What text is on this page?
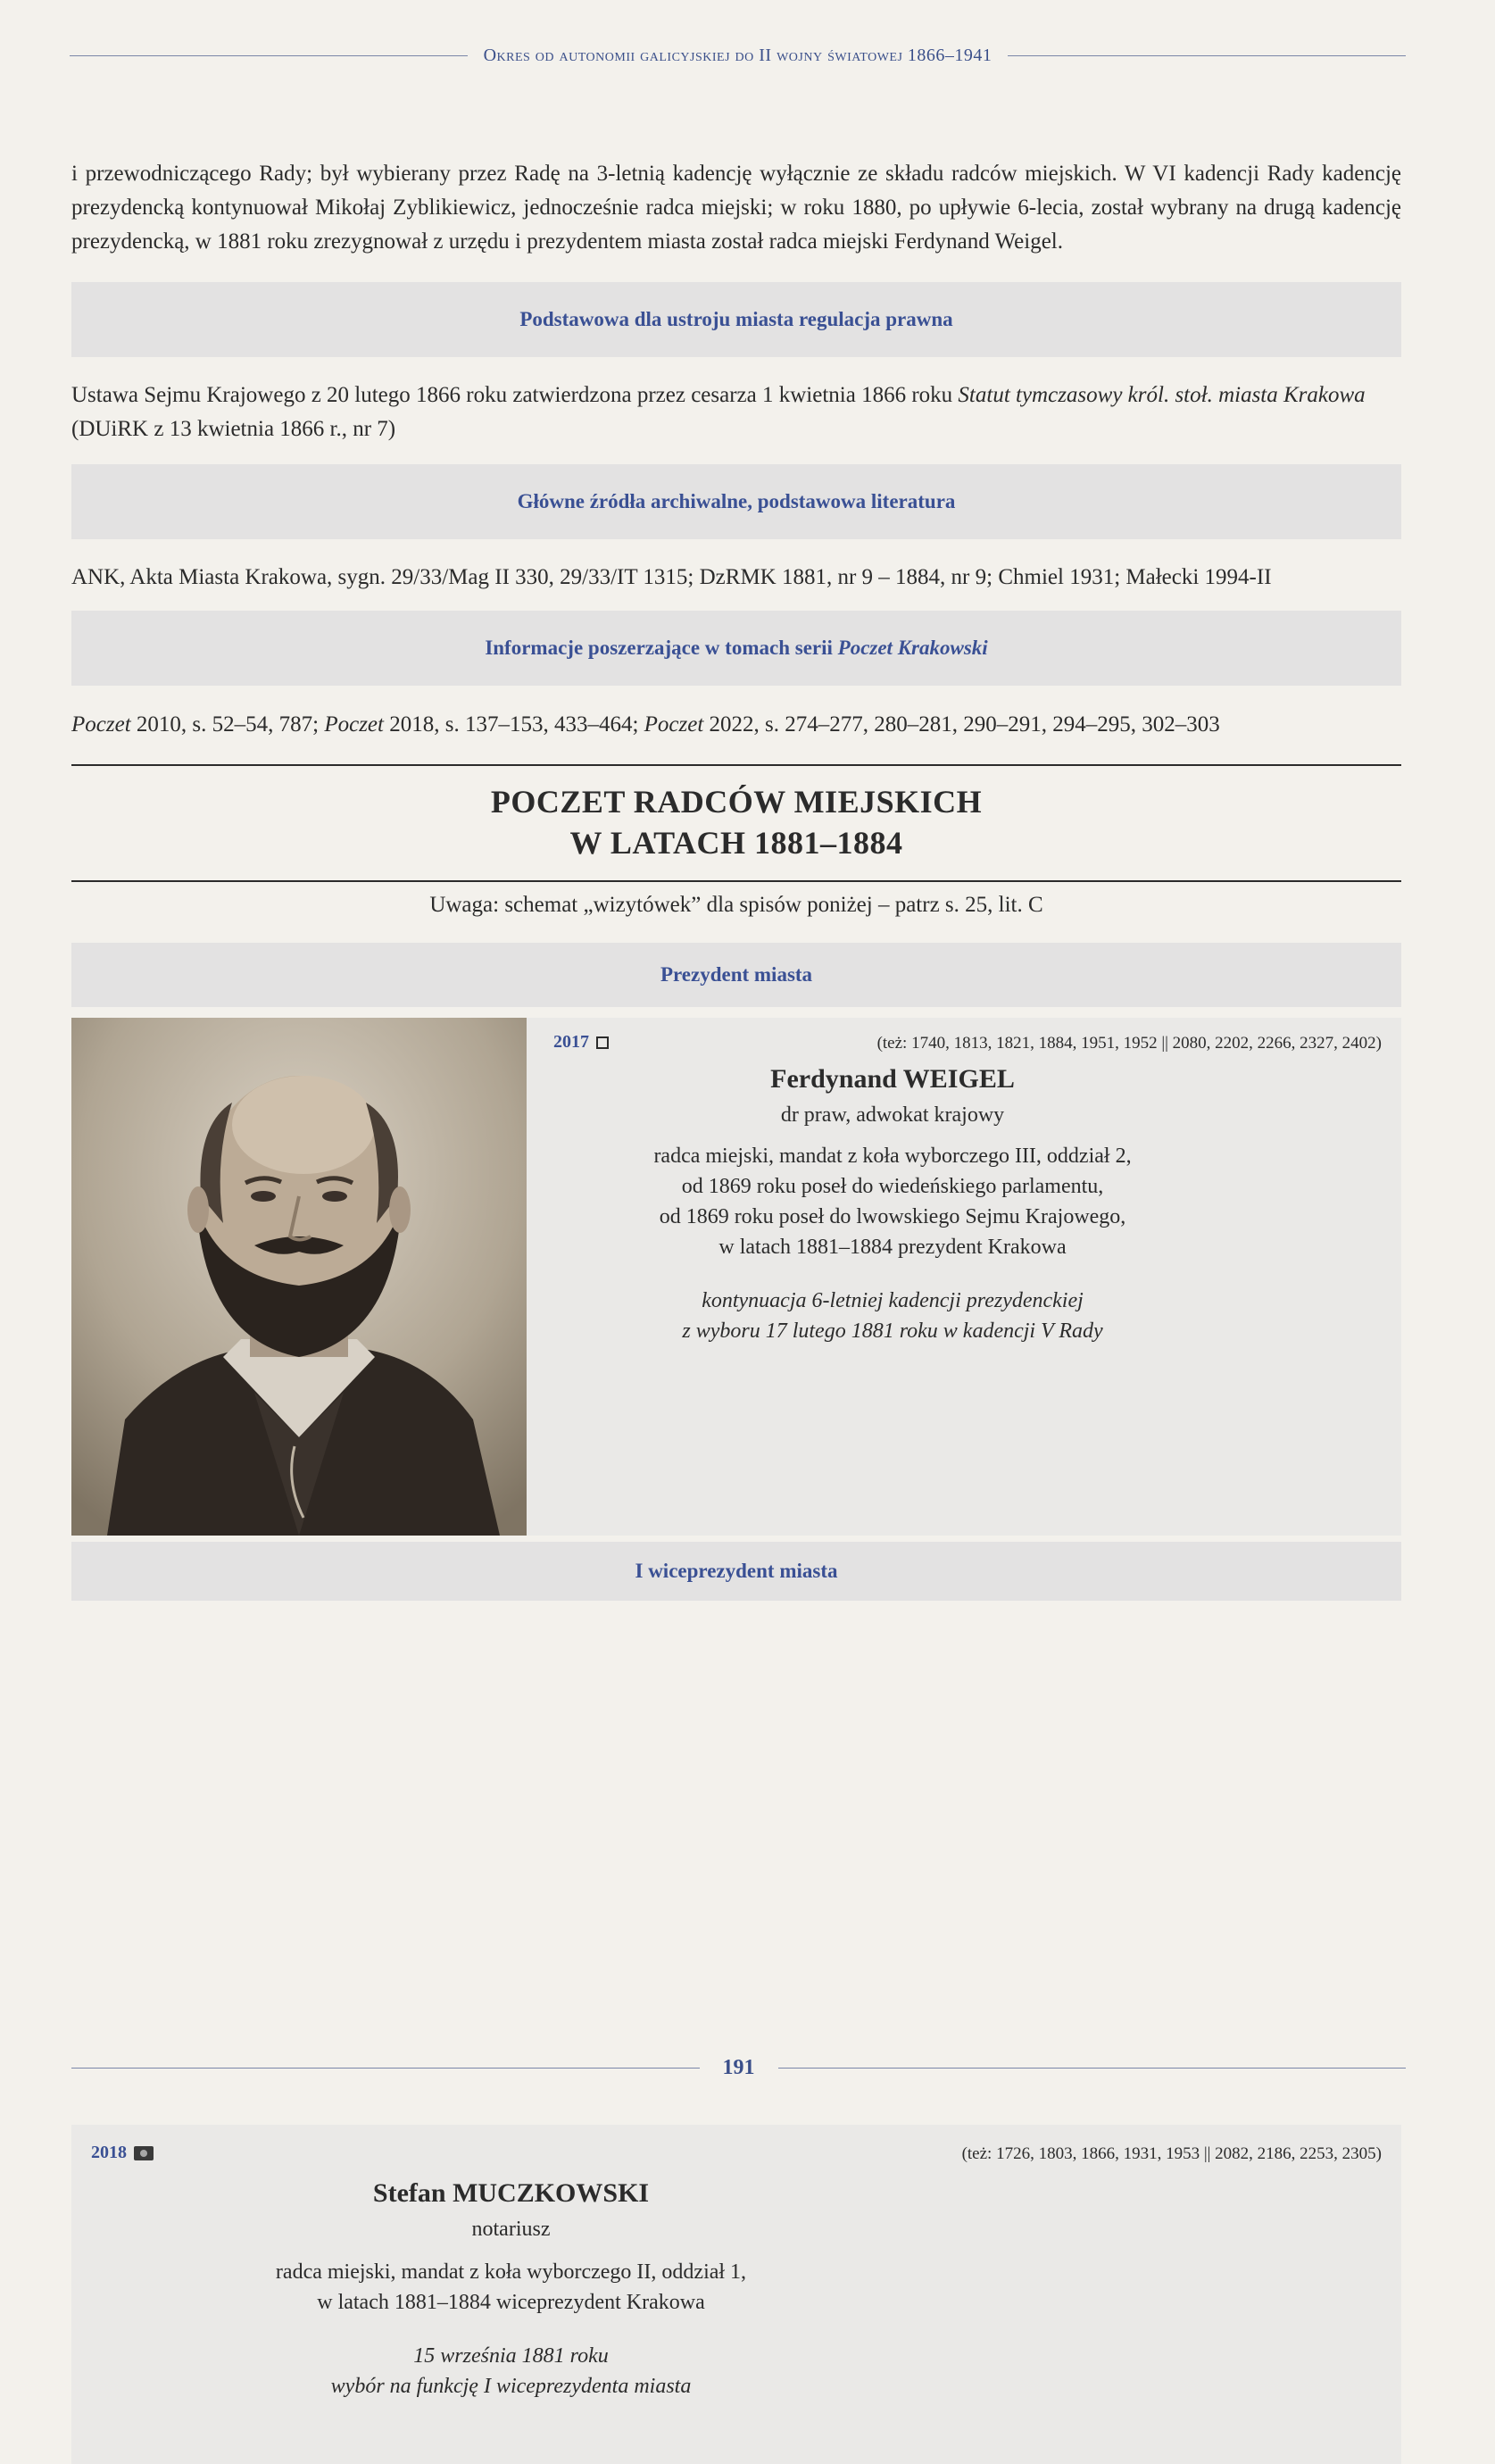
Okres od autonomii galicyjskiej do II wojny światowej 1866–1941

i przewodniczącego Rady; był wybierany przez Radę na 3-letnią kadencję wyłącznie ze składu radców miejskich. W VI kadencji Rady kadencję prezydencką kontynuował Mikołaj Zyblikiewicz, jednocześnie radca miejski; w roku 1880, po upływie 6-lecia, został wybrany na drugą kadencję prezydencką, w 1881 roku zrezygnował z urzędu i prezydentem miasta został radca miejski Ferdynand Weigel.

Podstawowa dla ustroju miasta regulacja prawna

Ustawa Sejmu Krajowego z 20 lutego 1866 roku zatwierdzona przez cesarza 1 kwietnia 1866 roku Statut tymczasowy król. stoł. miasta Krakowa (DUiRK z 13 kwietnia 1866 r., nr 7)

Główne źródła archiwalne, podstawowa literatura

ANK, Akta Miasta Krakowa, sygn. 29/33/Mag II 330, 29/33/IT 1315; DzRMK 1881, nr 9 – 1884, nr 9; Chmiel 1931; Małecki 1994-II

Informacje poszerzające w tomach serii Poczet Krakowski

Poczet 2010, s. 52–54, 787; Poczet 2018, s. 137–153, 433–464; Poczet 2022, s. 274–277, 280–281, 290–291, 294–295, 302–303

POCZET RADCÓW MIEJSKICH
W LATACH 1881–1884
Uwaga: schemat „wizytówek” dla spisów poniżej – patrz s. 25, lit. C
Prezydent miasta
2017	(też: 1740, 1813, 1821, 1884, 1951, 1952 || 2080, 2202, 2266, 2327, 2402)
Ferdynand WEIGEL
dr praw, adwokat krajowy
radca miejski, mandat z koła wyborczego III, oddział 2,
od 1869 roku poseł do wiedeńskiego parlamentu,
od 1869 roku poseł do lwowskiego Sejmu Krajowego,
w latach 1881–1884 prezydent Krakowa
kontynuacja 6-letniej kadencji prezydenckiej
z wyboru 17 lutego 1881 roku w kadencji V Rady
I wiceprezydent miasta
2018	(też: 1726, 1803, 1866, 1931, 1953 || 2082, 2186, 2253, 2305)
Stefan MUCZKOWSKI
notariusz
radca miejski, mandat z koła wyborczego II, oddział 1,
w latach 1881–1884 wiceprezydent Krakowa
15 września 1881 roku
wybór na funkcję I wiceprezydenta miasta
191
